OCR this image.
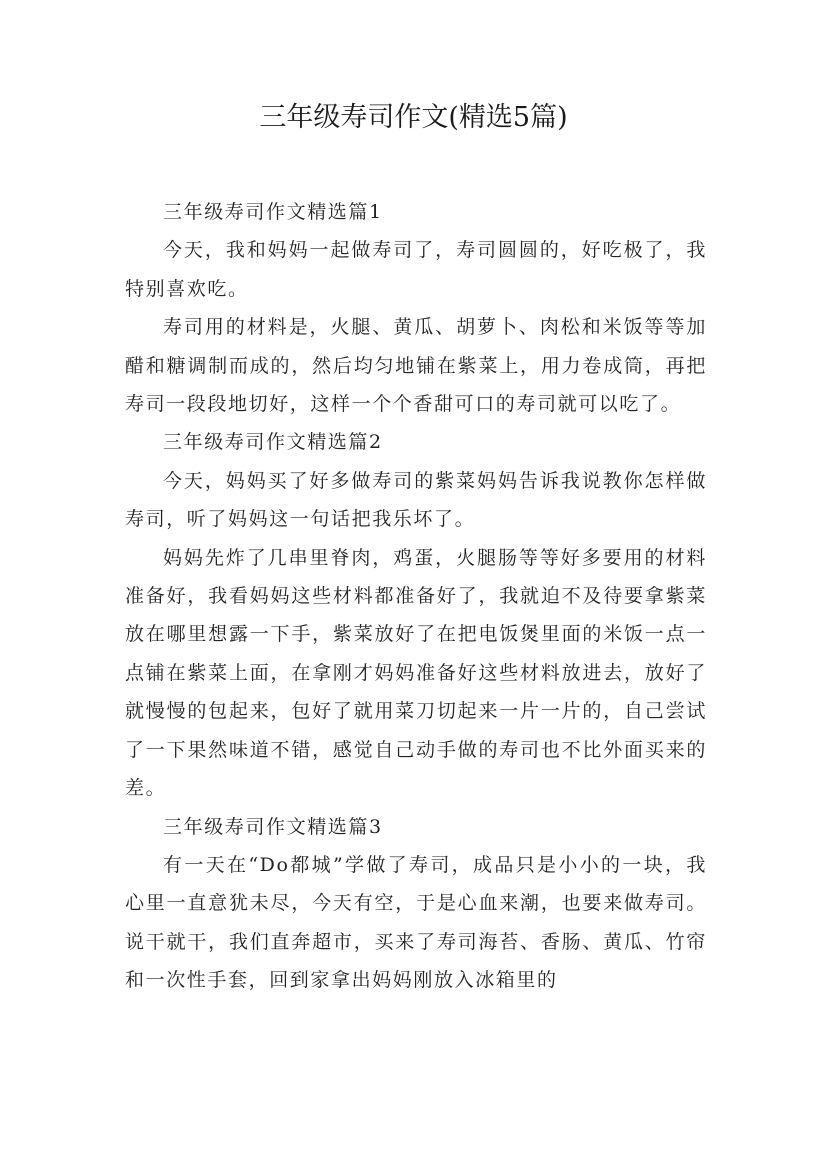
三年级寿司作文(精选5篇)

三年级寿司作文精选篇1

今天，我和妈妈一起做寿司了，寿司圆圆的，好吃极了，我特别喜欢吃。

寿司用的材料是，火腿、黄瓜、胡萝卜、肉松和米饭等等加醋和糖调制而成的，然后均匀地铺在紫菜上，用力卷成筒，再把寿司一段段地切好，这样一个个香甜可口的寿司就可以吃了。

三年级寿司作文精选篇2

今天，妈妈买了好多做寿司的紫菜妈妈告诉我说教你怎样做寿司，听了妈妈这一句话把我乐坏了。

妈妈先炸了几串里脊肉，鸡蛋，火腿肠等等好多要用的材料准备好，我看妈妈这些材料都准备好了，我就迫不及待要拿紫菜放在哪里想露一下手，紫菜放好了在把电饭煲里面的米饭一点一点铺在紫菜上面，在拿刚才妈妈准备好这些材料放进去，放好了就慢慢的包起来，包好了就用菜刀切起来一片一片的，自己尝试了一下果然味道不错，感觉自己动手做的寿司也不比外面买来的差。

三年级寿司作文精选篇3

有一天在“Do都城”学做了寿司，成品只是小小的一块，我心里一直意犹未尽，今天有空，于是心血来潮，也要来做寿司。说干就干，我们直奔超市，买来了寿司海苔、香肠、黄瓜、竹帘和一次性手套，回到家拿出妈妈刚放入冰箱里的
